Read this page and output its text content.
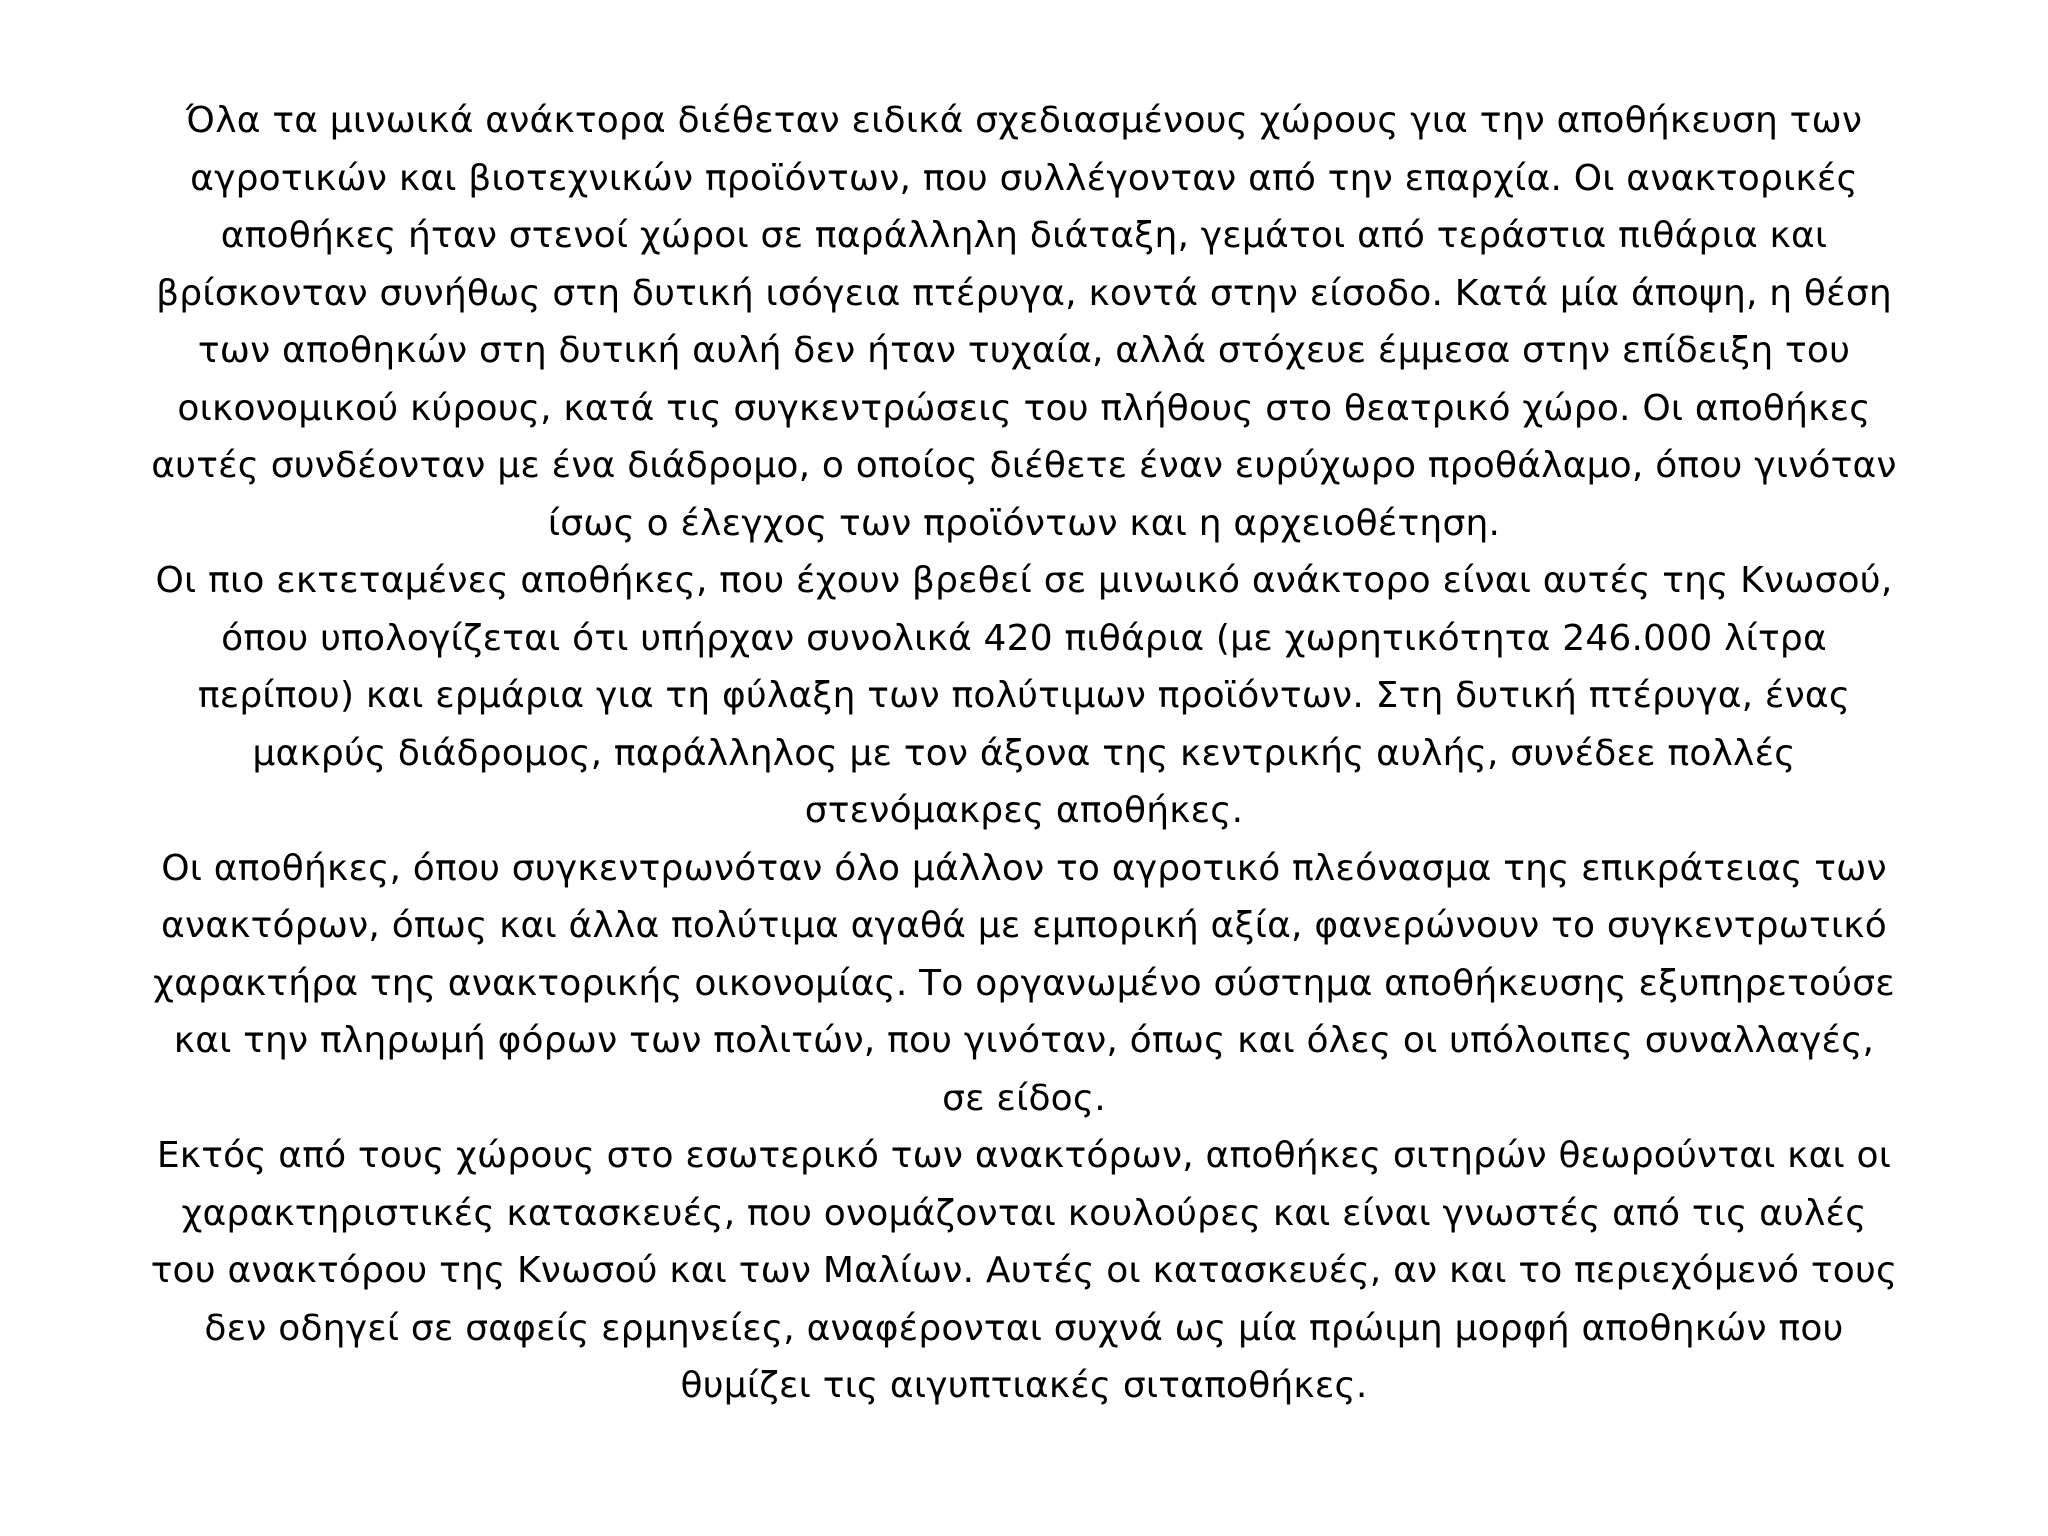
Όλα τα μινωικά ανάκτορα διέθεταν ειδικά σχεδιασμένους χώρους για την αποθήκευση των αγροτικών και βιοτεχνικών προϊόντων, που συλλέγονταν από την επαρχία. Οι ανακτορικές αποθήκες ήταν στενοί χώροι σε παράλληλη διάταξη, γεμάτοι από τεράστια πιθάρια και βρίσκονταν συνήθως στη δυτική ισόγεια πτέρυγα, κοντά στην είσοδο. Κατά μία άποψη, η θέση των αποθηκών στη δυτική αυλή δεν ήταν τυχαία, αλλά στόχευε έμμεσα στην επίδειξη του οικονομικού κύρους, κατά τις συγκεντρώσεις του πλήθους στο θεατρικό χώρο. Οι αποθήκες αυτές συνδέονταν με ένα διάδρομο, ο οποίος διέθετε έναν ευρύχωρο προθάλαμο, όπου γινόταν ίσως ο έλεγχος των προϊόντων και η αρχειοθέτηση.

Οι πιο εκτεταμένες αποθήκες, που έχουν βρεθεί σε μινωικό ανάκτορο είναι αυτές της Κνωσού, όπου υπολογίζεται ότι υπήρχαν συνολικά 420 πιθάρια (με χωρητικότητα 246.000 λίτρα περίπου) και ερμάρια για τη φύλαξη των πολύτιμων προϊόντων. Στη δυτική πτέρυγα, ένας μακρύς διάδρομος, παράλληλος με τον άξονα της κεντρικής αυλής, συνέδεε πολλές στενόμακρες αποθήκες.

Οι αποθήκες, όπου συγκεντρωνόταν όλο μάλλον το αγροτικό πλεόνασμα της επικράτειας των ανακτόρων, όπως και άλλα πολύτιμα αγαθά με εμπορική αξία, φανερώνουν το συγκεντρωτικό χαρακτήρα της ανακτορικής οικονομίας. Το οργανωμένο σύστημα αποθήκευσης εξυπηρετούσε και την πληρωμή φόρων των πολιτών, που γινόταν, όπως και όλες οι υπόλοιπες συναλλαγές, σε είδος.

Εκτός από τους χώρους στο εσωτερικό των ανακτόρων, αποθήκες σιτηρών θεωρούνται και οι χαρακτηριστικές κατασκευές, που ονομάζονται κουλούρες και είναι γνωστές από τις αυλές του ανακτόρου της Κνωσού και των Μαλίων. Αυτές οι κατασκευές, αν και το περιεχόμενό τους δεν οδηγεί σε σαφείς ερμηνείες, αναφέρονται συχνά ως μία πρώιμη μορφή αποθηκών που θυμίζει τις αιγυπτιακές σιταποθήκες.
